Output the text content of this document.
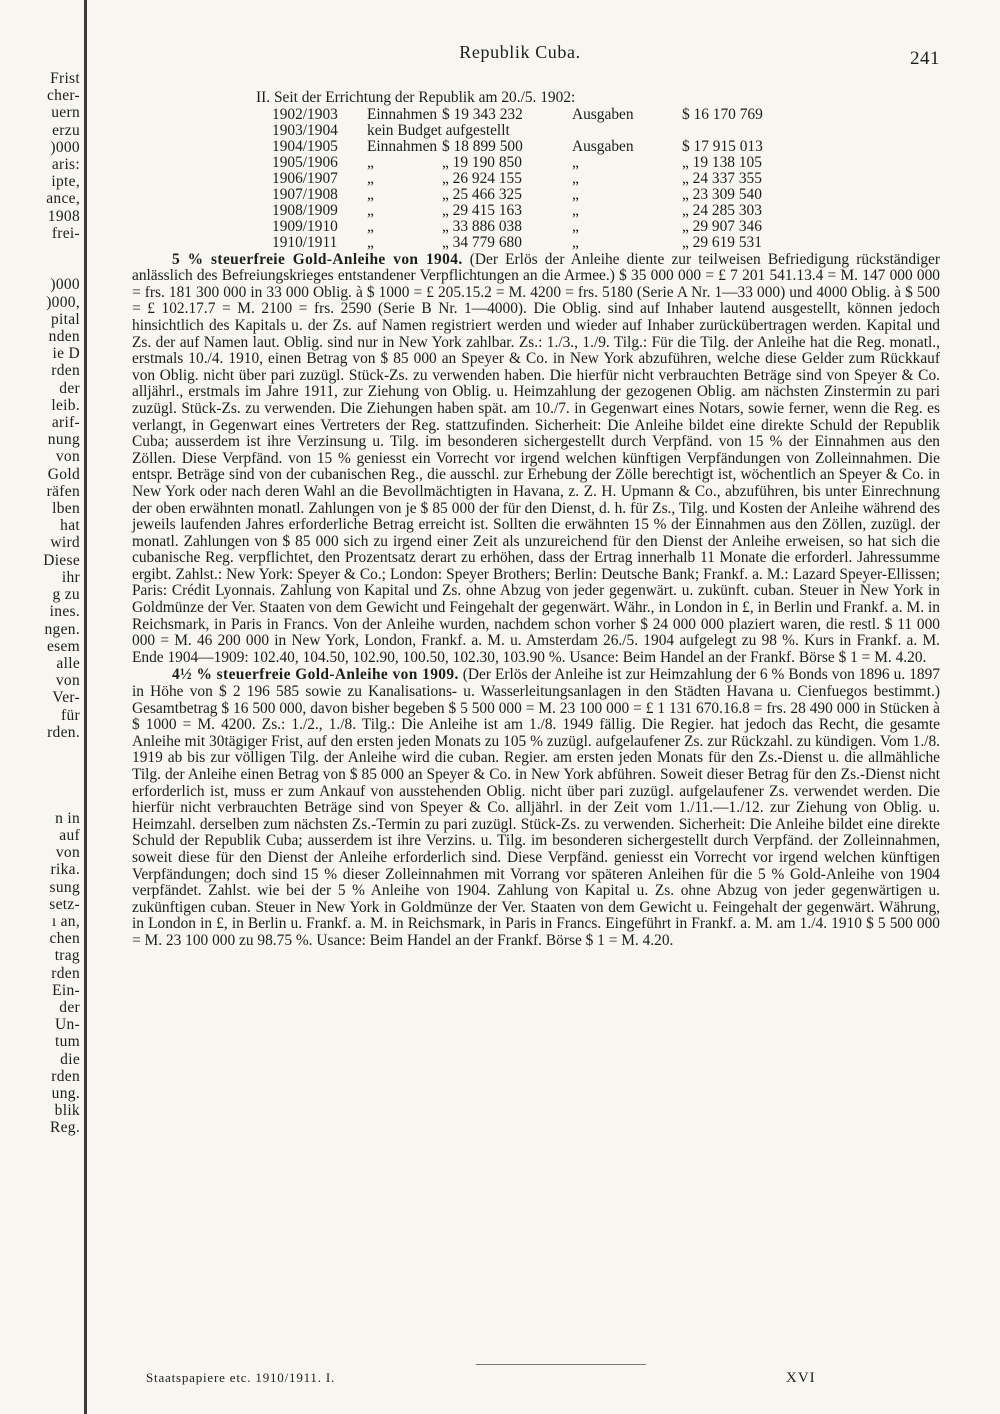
Frist
cher-
uern
erzu
)000
aris:
ipte,
ance,
1908
frei-

)000
)000,
pital
nden
ie D
rden
der
leib.
arif-
nung
von
Gold
räfen
lben
hat
wird
Diese
ihr
g zu
ines.
ngen.
esem
alle
von
Ver-
für
rden.

n in
auf
von
rika.
sung
setz-
ı an,
chen
trag
rden
Ein-
der
Un-
tum
die
rden
ung.
blik
Reg.
Republik Cuba.	241
II. Seit der Errichtung der Republik am 20./5. 1902:
1902/1903	Einnahmen	$ 19 343 232	Ausgaben	$ 16 170 769
1903/1904	kein Budget aufgestellt			
1904/1905	Einnahmen	$ 18 899 500	Ausgaben	$ 17 915 013
1905/1906	„	„ 19 190 850	„	„ 19 138 105
1906/1907	„	„ 26 924 155	„	„ 24 337 355
1907/1908	„	„ 25 466 325	„	„ 23 309 540
1908/1909	„	„ 29 415 163	„	„ 24 285 303
1909/1910	„	„ 33 886 038	„	„ 29 907 346
1910/1911	„	„ 34 779 680	„	„ 29 619 531

5 % steuerfreie Gold-Anleihe von 1904. (Der Erlös der Anleihe diente zur teilweisen Befriedigung rückständiger anlässlich des Befreiungskrieges entstandener Verpflichtungen an die Armee.) $ 35 000 000 = £ 7 201 541.13.4 = M. 147 000 000 = frs. 181 300 000 in 33 000 Oblig. à $ 1000 = £ 205.15.2 = M. 4200 = frs. 5180 (Serie A Nr. 1—33 000) und 4000 Oblig. à $ 500 = £ 102.17.7 = M. 2100 = frs. 2590 (Serie B Nr. 1—4000). Die Oblig. sind auf Inhaber lautend ausgestellt, können jedoch hinsichtlich des Kapitals u. der Zs. auf Namen registriert werden und wieder auf Inhaber zurückübertragen werden. Kapital und Zs. der auf Namen laut. Oblig. sind nur in New York zahlbar. Zs.: 1./3., 1./9. Tilg.: Für die Tilg. der Anleihe hat die Reg. monatl., erstmals 10./4. 1910, einen Betrag von $ 85 000 an Speyer & Co. in New York abzuführen, welche diese Gelder zum Rückkauf von Oblig. nicht über pari zuzügl. Stück-Zs. zu verwenden haben. Die hierfür nicht verbrauchten Beträge sind von Speyer & Co. alljährl., erstmals im Jahre 1911, zur Ziehung von Oblig. u. Heimzahlung der gezogenen Oblig. am nächsten Zinstermin zu pari zuzügl. Stück-Zs. zu verwenden. Die Ziehungen haben spät. am 10./7. in Gegenwart eines Notars, sowie ferner, wenn die Reg. es verlangt, in Gegenwart eines Vertreters der Reg. stattzufinden. Sicherheit: Die Anleihe bildet eine direkte Schuld der Republik Cuba; ausserdem ist ihre Verzinsung u. Tilg. im besonderen sichergestellt durch Verpfänd. von 15 % der Einnahmen aus den Zöllen. Diese Verpfänd. von 15 % geniesst ein Vorrecht vor irgend welchen künftigen Verpfändungen von Zolleinnahmen. Die entspr. Beträge sind von der cubanischen Reg., die ausschl. zur Erhebung der Zölle berechtigt ist, wöchentlich an Speyer & Co. in New York oder nach deren Wahl an die Bevollmächtigten in Havana, z. Z. H. Upmann & Co., abzuführen, bis unter Einrechnung der oben erwähnten monatl. Zahlungen von je $ 85 000 der für den Dienst, d. h. für Zs., Tilg. und Kosten der Anleihe während des jeweils laufenden Jahres erforderliche Betrag erreicht ist. Sollten die erwähnten 15 % der Einnahmen aus den Zöllen, zuzügl. der monatl. Zahlungen von $ 85 000 sich zu irgend einer Zeit als unzureichend für den Dienst der Anleihe erweisen, so hat sich die cubanische Reg. verpflichtet, den Prozentsatz derart zu erhöhen, dass der Ertrag innerhalb 11 Monate die erforderl. Jahressumme ergibt. Zahlst.: New York: Speyer & Co.; London: Speyer Brothers; Berlin: Deutsche Bank; Frankf. a. M.: Lazard Speyer-Ellissen; Paris: Crédit Lyonnais. Zahlung von Kapital und Zs. ohne Abzug von jeder gegenwärt. u. zukünft. cuban. Steuer in New York in Goldmünze der Ver. Staaten von dem Gewicht und Feingehalt der gegenwärt. Währ., in London in £, in Berlin und Frankf. a. M. in Reichsmark, in Paris in Francs. Von der Anleihe wurden, nachdem schon vorher $ 24 000 000 plaziert waren, die restl. $ 11 000 000 = M. 46 200 000 in New York, London, Frankf. a. M. u. Amsterdam 26./5. 1904 aufgelegt zu 98 %. Kurs in Frankf. a. M. Ende 1904—1909: 102.40, 104.50, 102.90, 100.50, 102.30, 103.90 %. Usance: Beim Handel an der Frankf. Börse $ 1 = M. 4.20.

4½ % steuerfreie Gold-Anleihe von 1909. (Der Erlös der Anleihe ist zur Heimzahlung der 6 % Bonds von 1896 u. 1897 in Höhe von $ 2 196 585 sowie zu Kanalisations- u. Wasserleitungsanlagen in den Städten Havana u. Cienfuegos bestimmt.) Gesamtbetrag $ 16 500 000, davon bisher begeben $ 5 500 000 = M. 23 100 000 = £ 1 131 670.16.8 = frs. 28 490 000 in Stücken à $ 1000 = M. 4200. Zs.: 1./2., 1./8. Tilg.: Die Anleihe ist am 1./8. 1949 fällig. Die Regier. hat jedoch das Recht, die gesamte Anleihe mit 30tägiger Frist, auf den ersten jeden Monats zu 105 % zuzügl. aufgelaufener Zs. zur Rückzahl. zu kündigen. Vom 1./8. 1919 ab bis zur völligen Tilg. der Anleihe wird die cuban. Regier. am ersten jeden Monats für den Zs.-Dienst u. die allmähliche Tilg. der Anleihe einen Betrag von $ 85 000 an Speyer & Co. in New York abführen. Soweit dieser Betrag für den Zs.-Dienst nicht erforderlich ist, muss er zum Ankauf von ausstehenden Oblig. nicht über pari zuzügl. aufgelaufener Zs. verwendet werden. Die hierfür nicht verbrauchten Beträge sind von Speyer & Co. alljährl. in der Zeit vom 1./11.—1./12. zur Ziehung von Oblig. u. Heimzahl. derselben zum nächsten Zs.-Termin zu pari zuzügl. Stück-Zs. zu verwenden. Sicherheit: Die Anleihe bildet eine direkte Schuld der Republik Cuba; ausserdem ist ihre Verzins. u. Tilg. im besonderen sichergestellt durch Verpfänd. der Zolleinnahmen, soweit diese für den Dienst der Anleihe erforderlich sind. Diese Verpfänd. geniesst ein Vorrecht vor irgend welchen künftigen Verpfändungen; doch sind 15 % dieser Zolleinnahmen mit Vorrang vor späteren Anleihen für die 5 % Gold-Anleihe von 1904 verpfändet. Zahlst. wie bei der 5 % Anleihe von 1904. Zahlung von Kapital u. Zs. ohne Abzug von jeder gegenwärtigen u. zukünftigen cuban. Steuer in New York in Goldmünze der Ver. Staaten von dem Gewicht u. Feingehalt der gegenwärt. Währung, in London in £, in Berlin u. Frankf. a. M. in Reichsmark, in Paris in Francs. Eingeführt in Frankf. a. M. am 1./4. 1910 $ 5 500 000 = M. 23 100 000 zu 98.75 %. Usance: Beim Handel an der Frankf. Börse $ 1 = M. 4.20.

Staatspapiere etc. 1910/1911. I.	XVI
